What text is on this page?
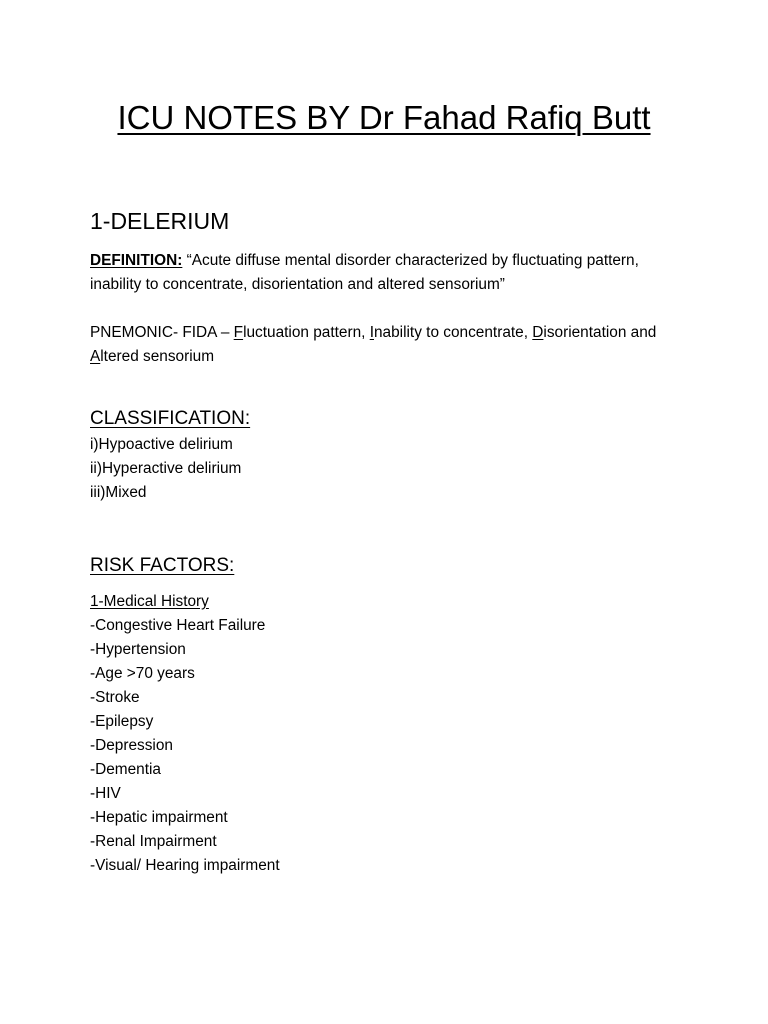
ICU NOTES BY Dr Fahad Rafiq Butt
1-DELERIUM
DEFINITION: “Acute diffuse mental disorder characterized by fluctuating pattern, inability to concentrate, disorientation and altered sensorium”
PNEMONIC- FIDA – Fluctuation pattern, Inability to concentrate, Disorientation and Altered sensorium
CLASSIFICATION:
i)Hypoactive delirium
ii)Hyperactive delirium
iii)Mixed
RISK FACTORS:
1-Medical History
-Congestive Heart Failure
-Hypertension
-Age >70 years
-Stroke
-Epilepsy
-Depression
-Dementia
-HIV
-Hepatic impairment
-Renal Impairment
-Visual/ Hearing impairment
